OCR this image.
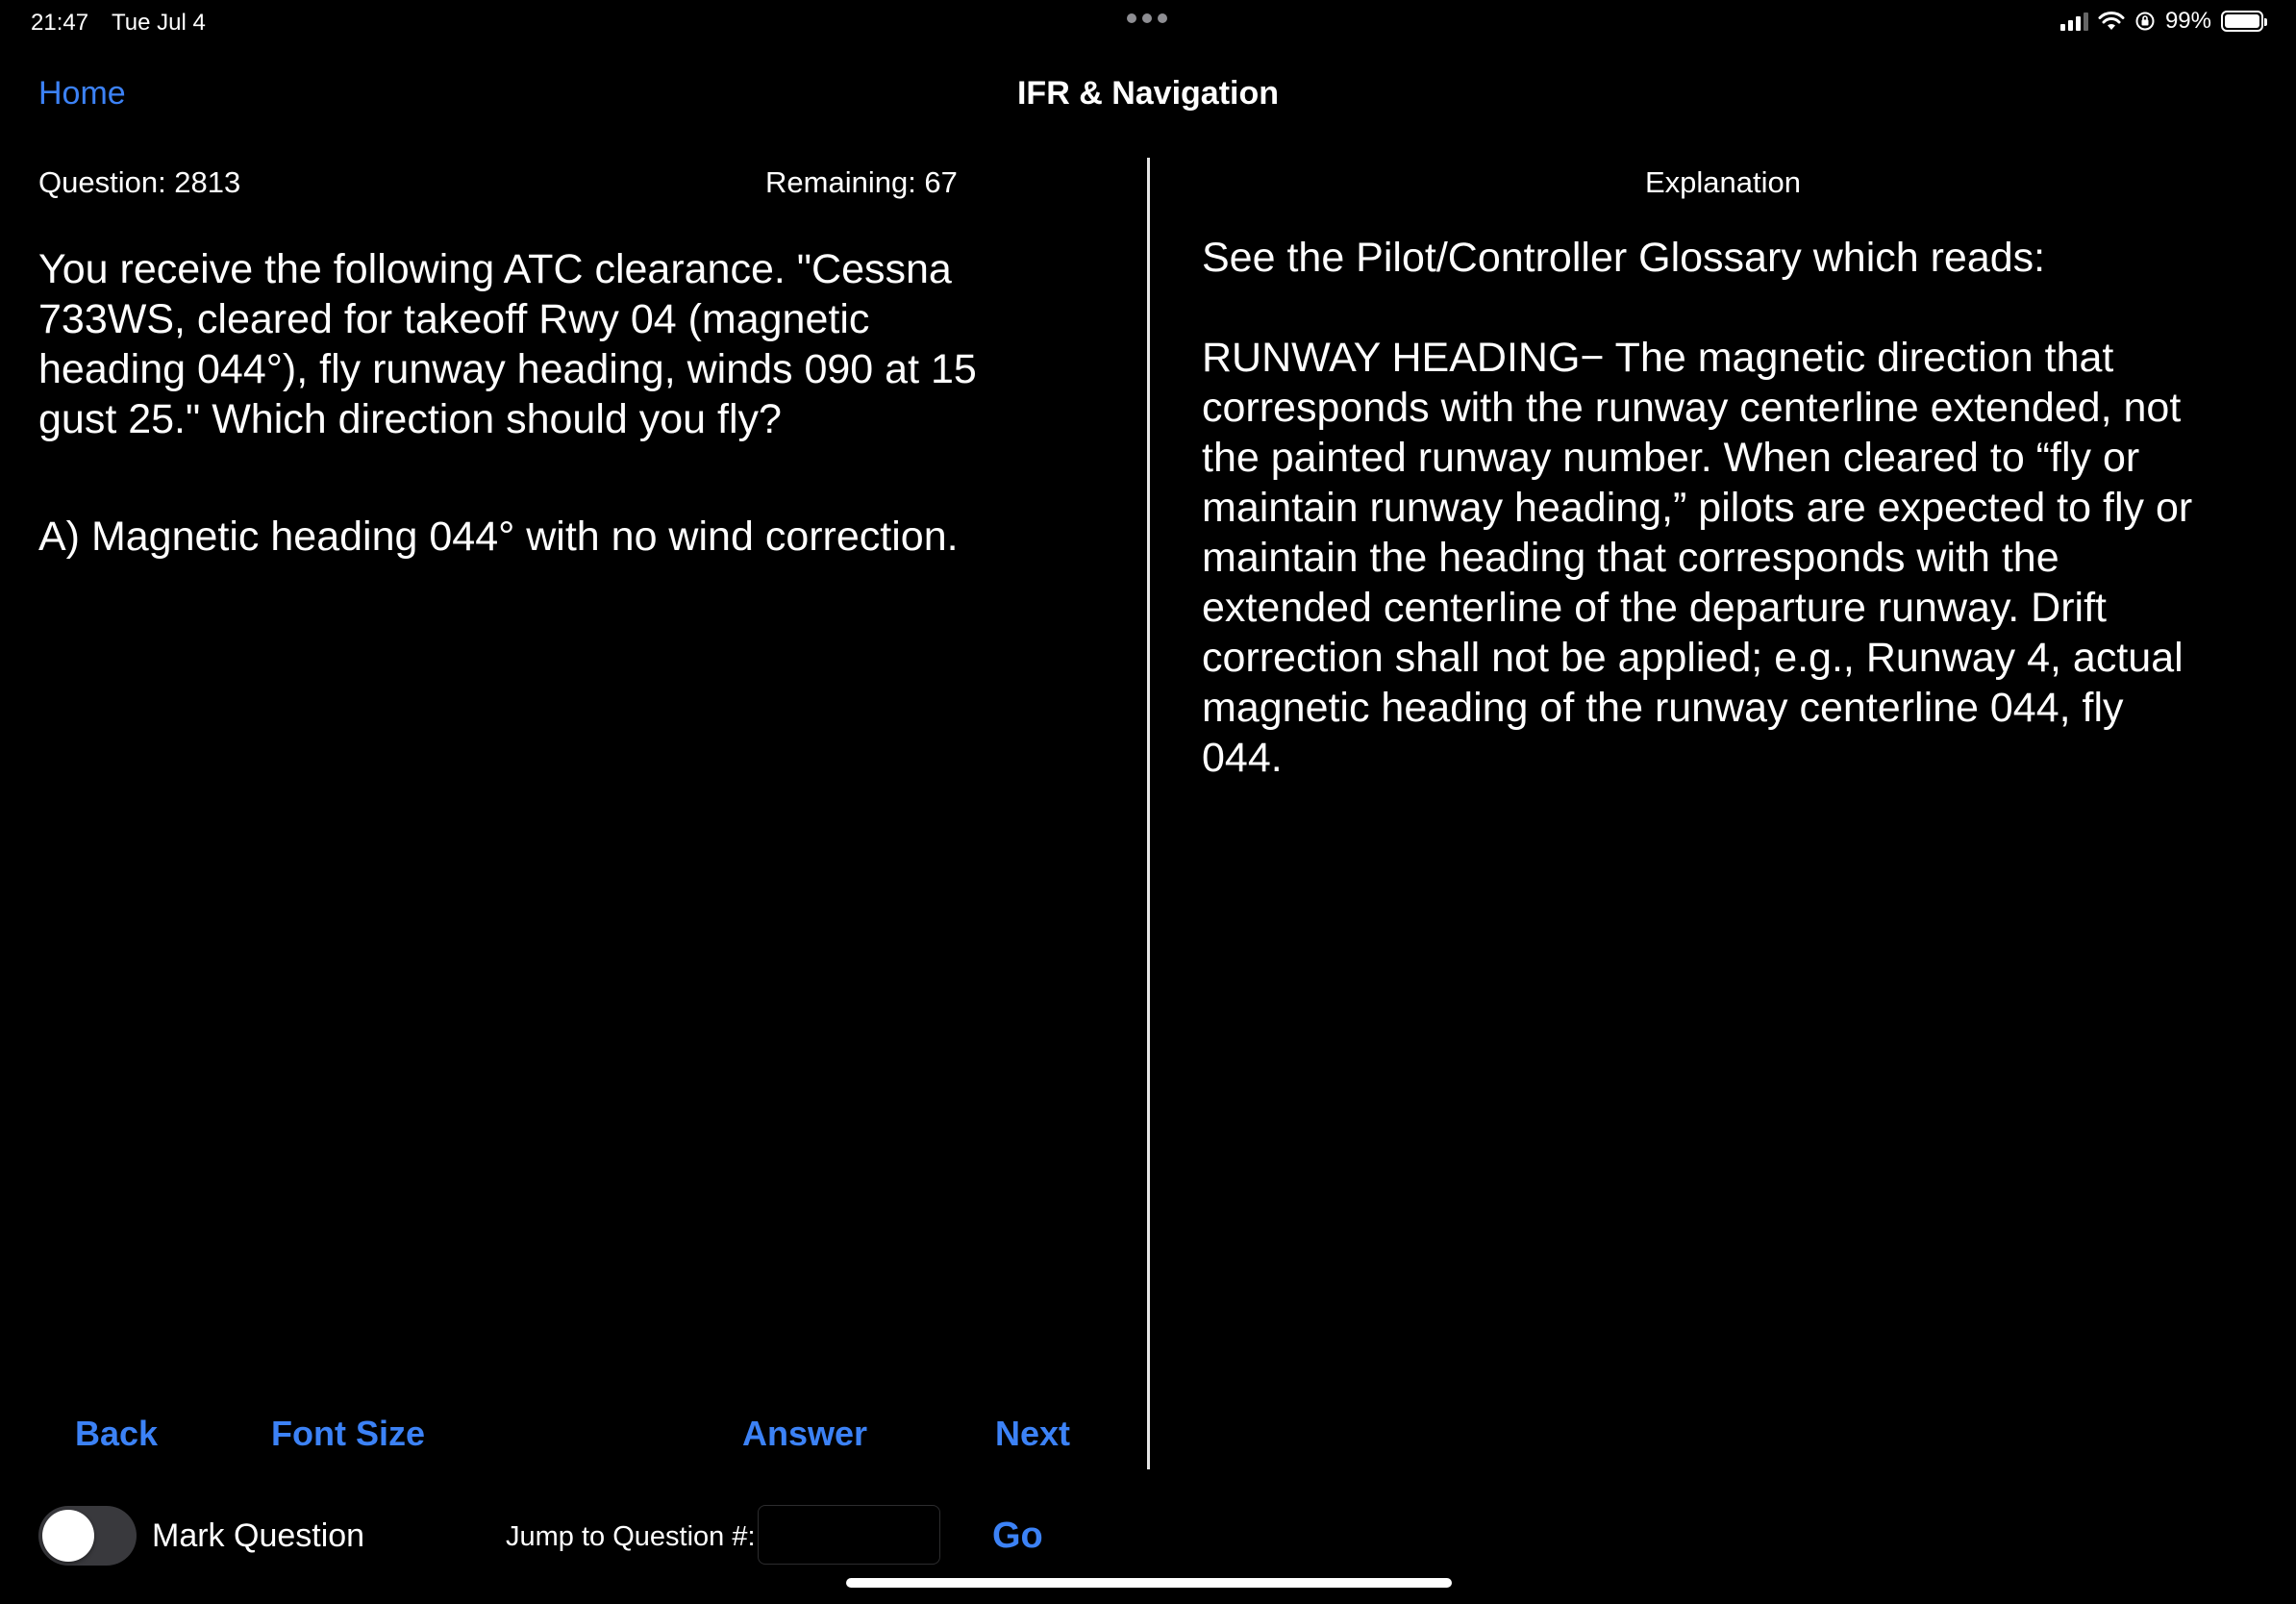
21:47 Tue Jul 4	99%
Home	IFR & Navigation
Question: 2813	Remaining: 67
You receive the following ATC clearance. "Cessna 733WS, cleared for takeoff Rwy 04 (magnetic heading 044°), fly runway heading, winds 090 at 15 gust 25." Which direction should you fly?
A) Magnetic heading 044° with no wind correction.
Explanation

See the Pilot/Controller Glossary which reads:

RUNWAY HEADING− The magnetic direction that corresponds with the runway centerline extended, not the painted runway number. When cleared to “fly or maintain runway heading,” pilots are expected to fly or maintain the heading that corresponds with the extended centerline of the departure runway. Drift correction shall not be applied; e.g., Runway 4, actual magnetic heading of the runway centerline 044, fly 044.

Back	Font Size	Answer	Next
Mark Question	Jump to Question #:	Go
